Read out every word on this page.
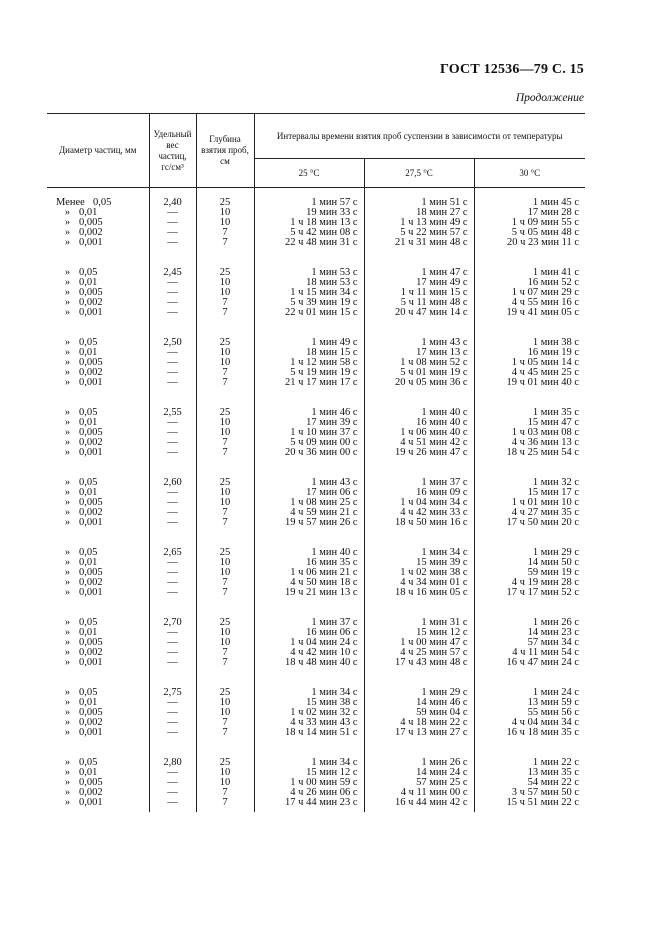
ГОСТ 12536—79 С. 15
Продолжение
Диаметр частиц, мм	Удельный вес частиц, гс/см³	Глубина взятия проб, см	Интервалы времени взятия проб суспензии в зависимости от температуры		
			25 °С	27,5 °С	30 °С
Менее 0,05	2,40	25	1 мин 57 с	1 мин 51 с	1 мин 45 с
» 0,01	—	10	19 мин 33 с	18 мин 27 с	17 мин 28 с
» 0,005	—	10	1 ч 18 мин 13 с	1 ч 13 мин 49 с	1 ч 09 мин 55 с
» 0,002	—	7	5 ч 42 мин 08 с	5 ч 22 мин 57 с	5 ч 05 мин 48 с
» 0,001	—	7	22 ч 48 мин 31 с	21 ч 31 мин 48 с	20 ч 23 мин 11 с
» 0,05	2,45	25	1 мин 53 с	1 мин 47 с	1 мин 41 с
» 0,01	—	10	18 мин 53 с	17 мин 49 с	16 мин 52 с
» 0,005	—	10	1 ч 15 мин 34 с	1 ч 11 мин 15 с	1 ч 07 мин 29 с
» 0,002	—	7	5 ч 39 мин 19 с	5 ч 11 мин 48 с	4 ч 55 мин 16 с
» 0,001	—	7	22 ч 01 мин 15 с	20 ч 47 мин 14 с	19 ч 41 мин 05 с
» 0,05	2,50	25	1 мин 49 с	1 мин 43 с	1 мин 38 с
» 0,01	—	10	18 мин 15 с	17 мин 13 с	16 мин 19 с
» 0,005	—	10	1 ч 12 мин 58 с	1 ч 08 мин 52 с	1 ч 05 мин 14 с
» 0,002	—	7	5 ч 19 мин 19 с	5 ч 01 мин 19 с	4 ч 45 мин 25 с
» 0,001	—	7	21 ч 17 мин 17 с	20 ч 05 мин 36 с	19 ч 01 мин 40 с
» 0,05	2,55	25	1 мин 46 с	1 мин 40 с	1 мин 35 с
» 0,01	—	10	17 мин 39 с	16 мин 40 с	15 мин 47 с
» 0,005	—	10	1 ч 10 мин 37 с	1 ч 06 мин 40 с	1 ч 03 мин 08 с
» 0,002	—	7	5 ч 09 мин 00 с	4 ч 51 мин 42 с	4 ч 36 мин 13 с
» 0,001	—	7	20 ч 36 мин 00 с	19 ч 26 мин 47 с	18 ч 25 мин 54 с
» 0,05	2,60	25	1 мин 43 с	1 мин 37 с	1 мин 32 с
» 0,01	—	10	17 мин 06 с	16 мин 09 с	15 мин 17 с
» 0,005	—	10	1 ч 08 мин 25 с	1 ч 04 мин 34 с	1 ч 01 мин 10 с
» 0,002	—	7	4 ч 59 мин 21 с	4 ч 42 мин 33 с	4 ч 27 мин 35 с
» 0,001	—	7	19 ч 57 мин 26 с	18 ч 50 мин 16 с	17 ч 50 мин 20 с
» 0,05	2,65	25	1 мин 40 с	1 мин 34 с	1 мин 29 с
» 0,01	—	10	16 мин 35 с	15 мин 39 с	14 мин 50 с
» 0,005	—	10	1 ч 06 мин 21 с	1 ч 02 мин 38 с	59 мин 19 с
» 0,002	—	7	4 ч 50 мин 18 с	4 ч 34 мин 01 с	4 ч 19 мин 28 с
» 0,001	—	7	19 ч 21 мин 13 с	18 ч 16 мин 05 с	17 ч 17 мин 52 с
» 0,05	2,70	25	1 мин 37 с	1 мин 31 с	1 мин 26 с
» 0,01	—	10	16 мин 06 с	15 мин 12 с	14 мин 23 с
» 0,005	—	10	1 ч 04 мин 24 с	1 ч 00 мин 47 с	57 мин 34 с
» 0,002	—	7	4 ч 42 мин 10 с	4 ч 25 мин 57 с	4 ч 11 мин 54 с
» 0,001	—	7	18 ч 48 мин 40 с	17 ч 43 мин 48 с	16 ч 47 мин 24 с
» 0,05	2,75	25	1 мин 34 с	1 мин 29 с	1 мин 24 с
» 0,01	—	10	15 мин 38 с	14 мин 46 с	13 мин 59 с
» 0,005	—	10	1 ч 02 мин 32 с	59 мин 04 с	55 мин 56 с
» 0,002	—	7	4 ч 33 мин 43 с	4 ч 18 мин 22 с	4 ч 04 мин 34 с
» 0,001	—	7	18 ч 14 мин 51 с	17 ч 13 мин 27 с	16 ч 18 мин 35 с
» 0,05	2,80	25	1 мин 34 с	1 мин 26 с	1 мин 22 с
» 0,01	—	10	15 мин 12 с	14 мин 24 с	13 мин 35 с
» 0,005	—	10	1 ч 00 мин 59 с	57 мин 25 с	54 мин 22 с
» 0,002	—	7	4 ч 26 мин 06 с	4 ч 11 мин 00 с	3 ч 57 мин 50 с
» 0,001	—	7	17 ч 44 мин 23 с	16 ч 44 мин 42 с	15 ч 51 мин 22 с
